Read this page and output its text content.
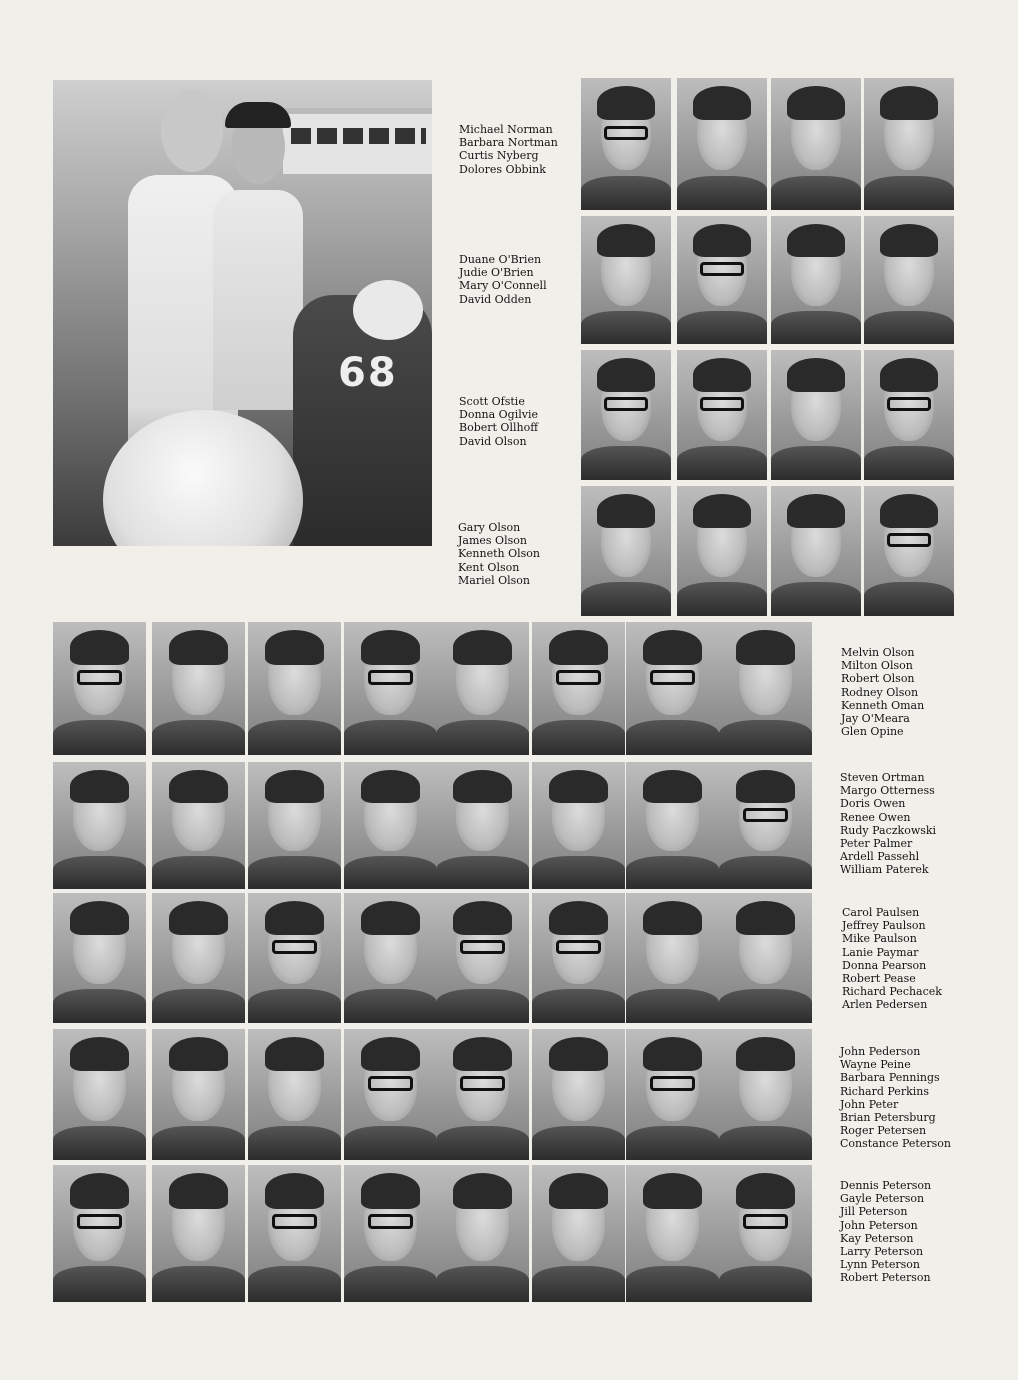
68
Michael Norman
Barbara Nortman
Curtis Nyberg
Dolores Obbink
Duane O'Brien
Judie O'Brien
Mary O'Connell
David Odden
Scott Ofstie
Donna Ogilvie
Bobert Ollhoff
David Olson
Gary Olson
James Olson
Kenneth Olson
Kent Olson
Mariel Olson
Melvin Olson
Milton Olson
Robert Olson
Rodney Olson
Kenneth Oman
Jay O'Meara
Glen Opine
Steven Ortman
Margo Otterness
Doris Owen
Renee Owen
Rudy Paczkowski
Peter Palmer
Ardell Passehl
William Paterek
Carol Paulsen
Jeffrey Paulson
Mike Paulson
Lanie Paymar
Donna Pearson
Robert Pease
Richard Pechacek
Arlen Pedersen
John Pederson
Wayne Peine
Barbara Pennings
Richard Perkins
John Peter
Brian Petersburg
Roger Petersen
Constance Peterson
Dennis Peterson
Gayle Peterson
Jill Peterson
John Peterson
Kay Peterson
Larry Peterson
Lynn Peterson
Robert Peterson
